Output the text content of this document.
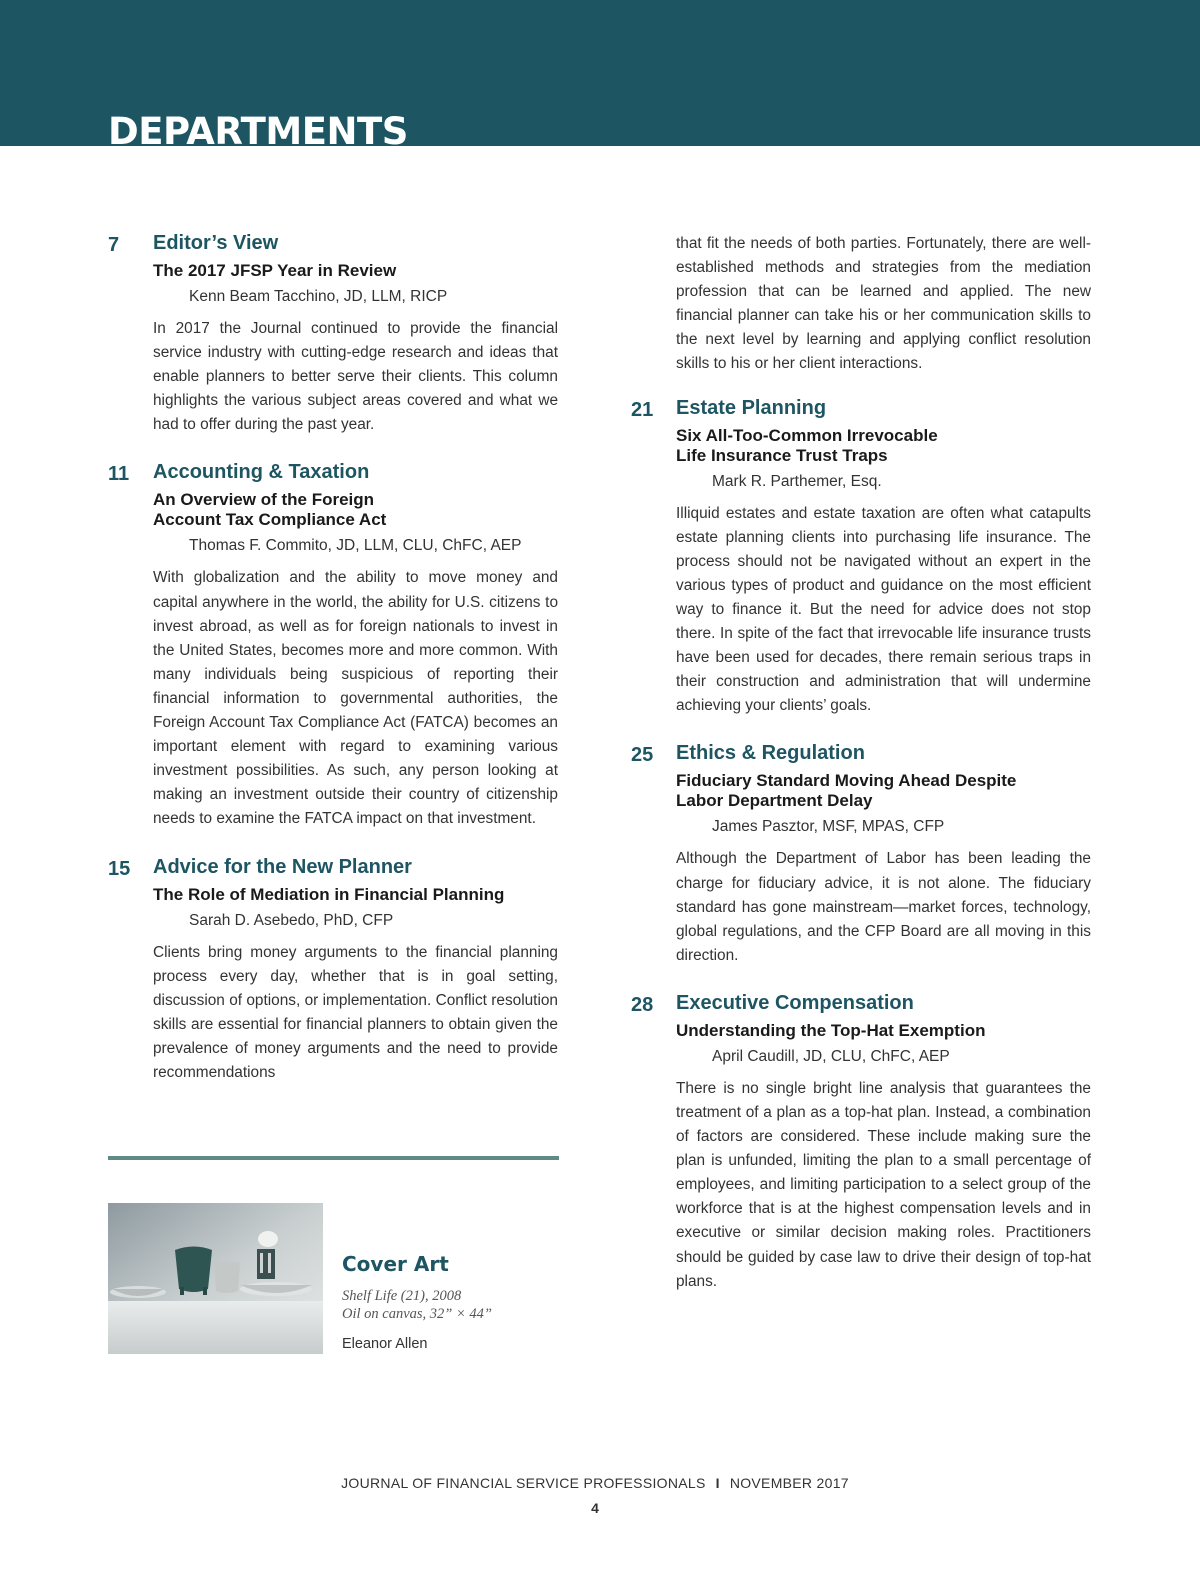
DEPARTMENTS
7 Editor’s View

The 2017 JFSP Year in Review

Kenn Beam Tacchino, JD, LLM, RICP

In 2017 the Journal continued to provide the financial service industry with cutting-edge research and ideas that enable planners to better serve their clients. This column highlights the various subject areas covered and what we had to offer during the past year.

11 Accounting & Taxation

An Overview of the Foreign
Account Tax Compliance Act

Thomas F. Commito, JD, LLM, CLU, ChFC, AEP

With globalization and the ability to move money and capital anywhere in the world, the ability for U.S. citizens to invest abroad, as well as for foreign nationals to invest in the United States, becomes more and more common. With many individuals being suspicious of reporting their financial information to governmental authorities, the Foreign Account Tax Compliance Act (FATCA) becomes an important element with regard to examining various investment possibilities. As such, any person looking at making an investment outside their country of citizenship needs to examine the FATCA impact on that investment.

15 Advice for the New Planner

The Role of Mediation in Financial Planning

Sarah D. Asebedo, PhD, CFP

Clients bring money arguments to the financial planning process every day, whether that is in goal setting, discussion of options, or implementation. Conflict resolution skills are essential for financial planners to obtain given the prevalence of money arguments and the need to provide recommendations

Cover Art
Shelf Life (21), 2008
Oil on canvas, 32” × 44”
Eleanor Allen

that fit the needs of both parties. Fortunately, there are well-established methods and strategies from the mediation profession that can be learned and applied. The new financial planner can take his or her communication skills to the next level by learning and applying conflict resolution skills to his or her client interactions.

21 Estate Planning

Six All-Too-Common Irrevocable
Life Insurance Trust Traps

Mark R. Parthemer, Esq.

Illiquid estates and estate taxation are often what catapults estate planning clients into purchasing life insurance. The process should not be navigated without an expert in the various types of product and guidance on the most efficient way to finance it. But the need for advice does not stop there. In spite of the fact that irrevocable life insurance trusts have been used for decades, there remain serious traps in their construction and administration that will undermine achieving your clients’ goals.

25 Ethics & Regulation

Fiduciary Standard Moving Ahead Despite
Labor Department Delay

James Pasztor, MSF, MPAS, CFP

Although the Department of Labor has been leading the charge for fiduciary advice, it is not alone. The fiduciary standard has gone mainstream—market forces, technology, global regulations, and the CFP Board are all moving in this direction.

28 Executive Compensation

Understanding the Top-Hat Exemption

April Caudill, JD, CLU, ChFC, AEP

There is no single bright line analysis that guarantees the treatment of a plan as a top-hat plan. Instead, a combination of factors are considered. These include making sure the plan is unfunded, limiting the plan to a small percentage of employees, and limiting participation to a select group of the workforce that is at the highest compensation levels and in executive or similar decision making roles. Practitioners should be guided by case law to drive their design of top-hat plans.

JOURNAL OF FINANCIAL SERVICE PROFESSIONALS I NOVEMBER 2017
4
